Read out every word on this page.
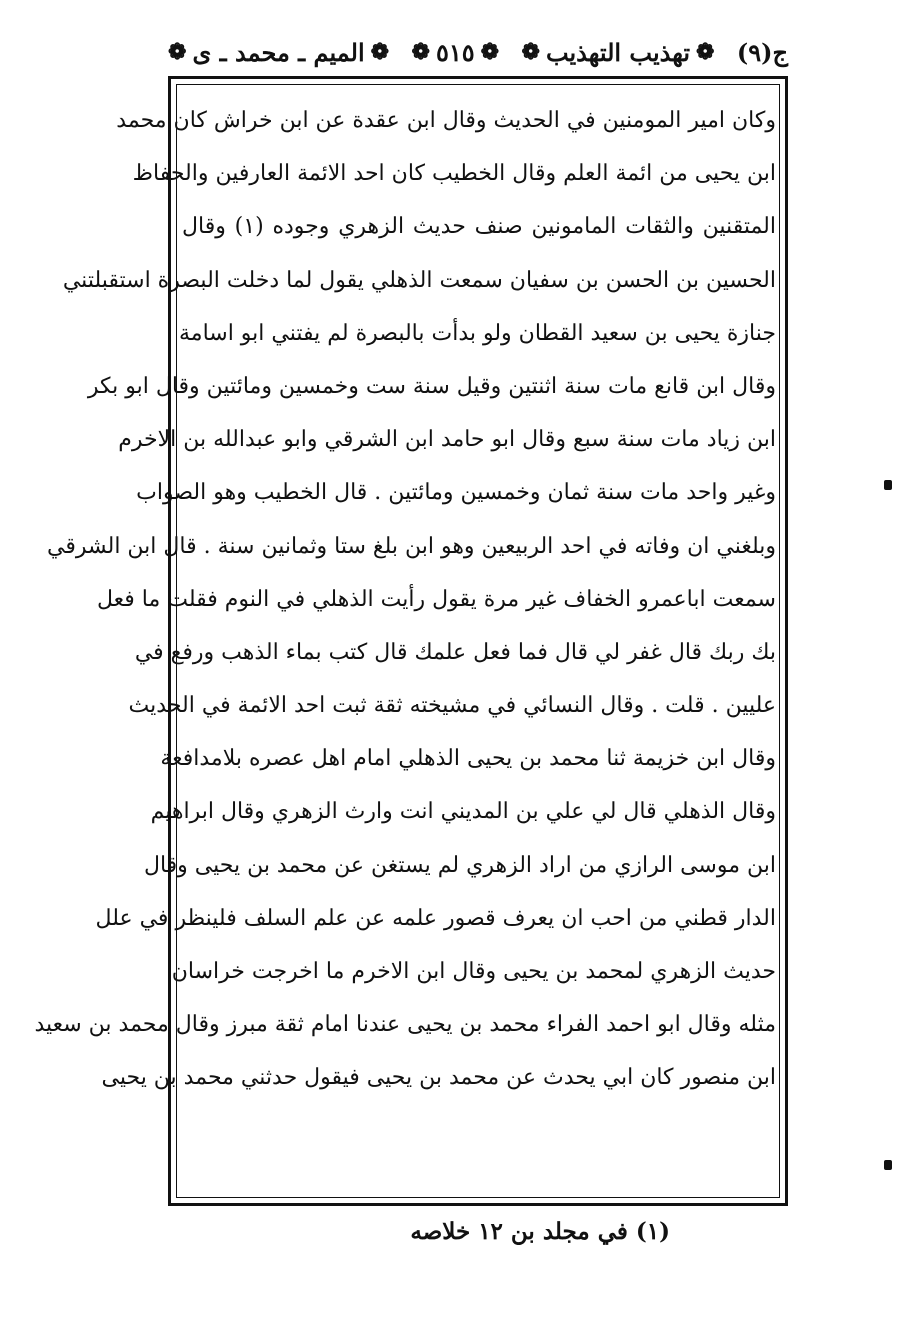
ج(۹)
❁
تهذيب التهذيب
❁
❁
٥١٥
❁
❁
الميم ـ محمد ـ ى
❁
وكان امير المومنين في الحديث وقال ابن عقدة عن ابن خراش كان محمد
ابن يحيى من ائمة العلم وقال الخطيب كان احد الائمة العارفين والحفاظ
المتقنين والثقات المامونين صنف حديث الزهري وجوده (١) وقال
الحسين بن الحسن بن سفيان سمعت الذهلي يقول لما دخلت البصرة استقبلتني
جنازة يحيى بن سعيد القطان ولو بدأت بالبصرة لم يفتني ابو اسامة
وقال ابن قانع مات سنة اثنتين وقيل سنة ست وخمسين ومائتين وقال ابو بكر
ابن زياد مات سنة سبع وقال ابو حامد ابن الشرقي وابو عبدالله بن الاخرم
وغير واحد مات سنة ثمان وخمسين ومائتين . قال الخطيب وهو الصواب
وبلغني ان وفاته في احد الربيعين وهو ابن بلغ ستا وثمانين سنة . قال ابن الشرقي
سمعت اباعمرو الخفاف غير مرة يقول رأيت الذهلي في النوم فقلت ما فعل
بك ربك قال غفر لي قال فما فعل علمك قال كتب بماء الذهب ورفع في
عليين . قلت . وقال النسائي في مشيخته ثقة ثبت احد الائمة في الحديث
وقال ابن خزيمة ثنا محمد بن يحيى الذهلي امام اهل عصره بلامدافعة
وقال الذهلي قال لي علي بن المديني انت وارث الزهري وقال ابراهيم
ابن موسى الرازي من اراد الزهري لم يستغن عن محمد بن يحيى وقال
الدار قطني من احب ان يعرف قصور علمه عن علم السلف فلينظر في علل
حديث الزهري لمحمد بن يحيى وقال ابن الاخرم ما اخرجت خراسان
مثله وقال ابو احمد الفراء محمد بن يحيى عندنا امام ثقة مبرز وقال محمد بن سعيد
ابن منصور كان ابي يحدث عن محمد بن يحيى فيقول حدثني محمد بن يحيى
(١) في مجلد بن ١٢ خلاصه
